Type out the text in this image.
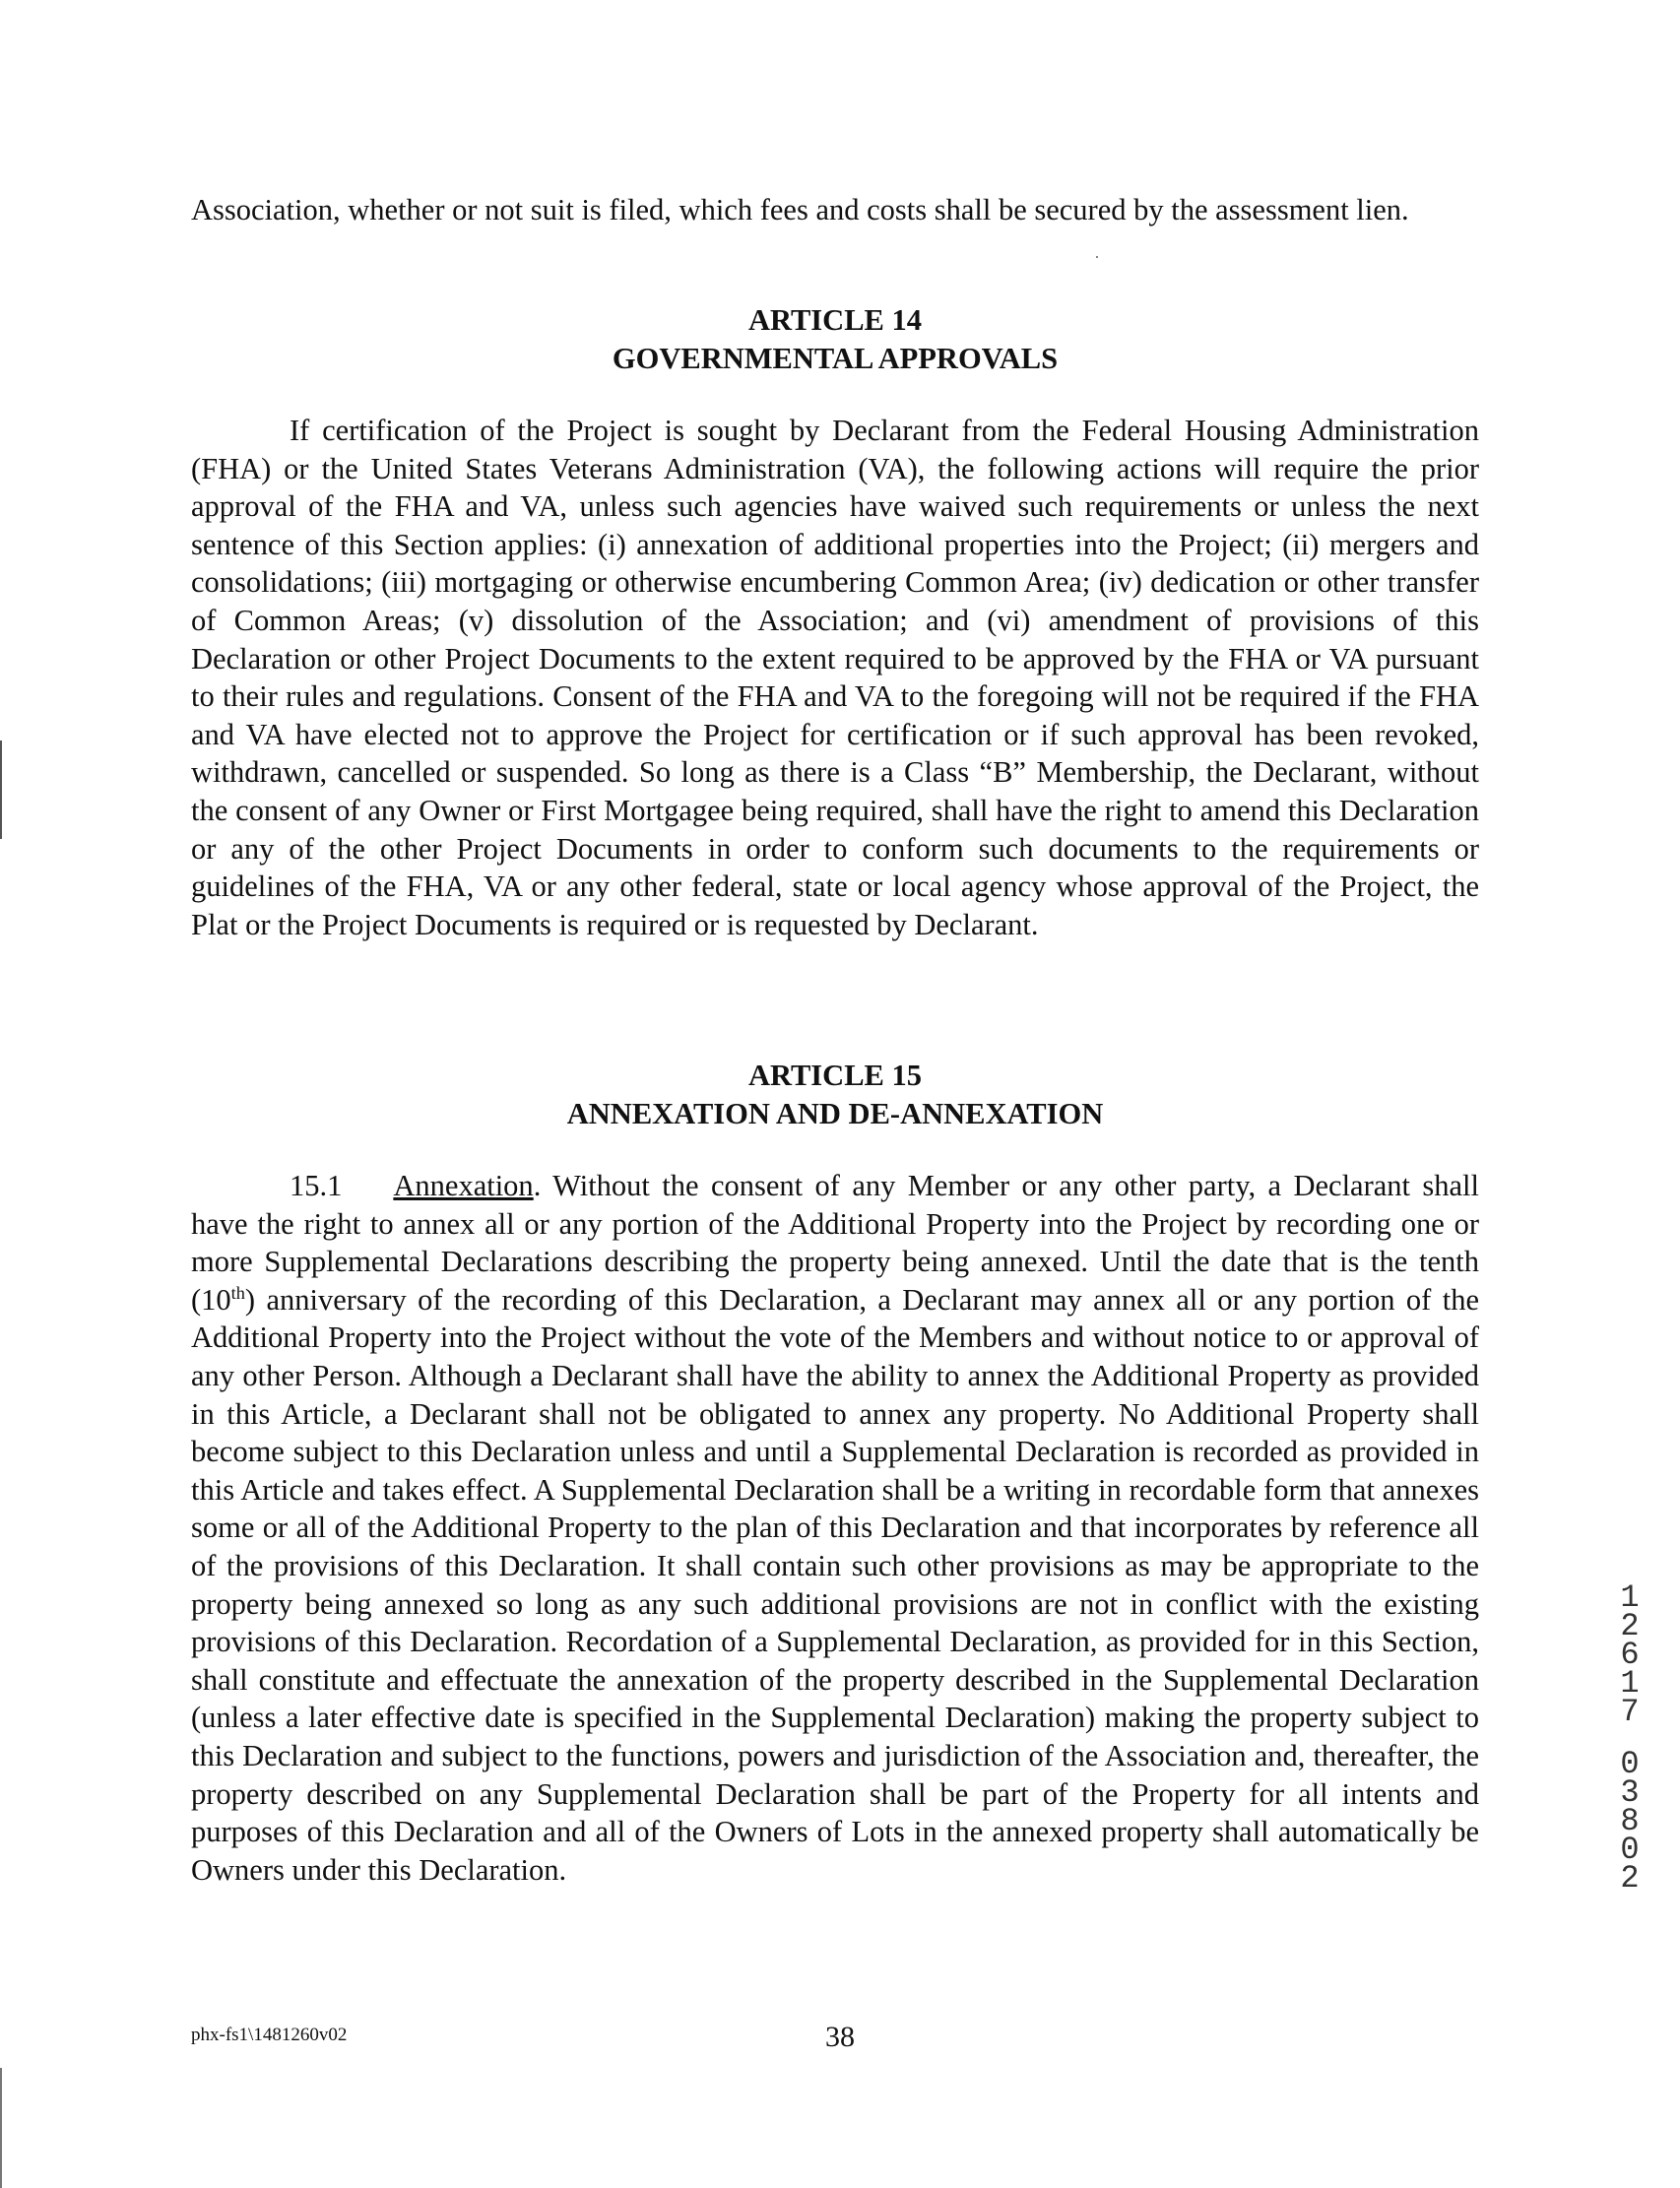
Association, whether or not suit is filed, which fees and costs shall be secured by the assessment lien.

ARTICLE 14
GOVERNMENTAL APPROVALS

If certification of the Project is sought by Declarant from the Federal Housing Administration (FHA) or the United States Veterans Administration (VA), the following actions will require the prior approval of the FHA and VA, unless such agencies have waived such requirements or unless the next sentence of this Section applies: (i) annexation of additional properties into the Project; (ii) mergers and consolidations; (iii) mortgaging or otherwise encumbering Common Area; (iv) dedication or other transfer of Common Areas; (v) dissolution of the Association; and (vi) amendment of provisions of this Declaration or other Project Documents to the extent required to be approved by the FHA or VA pursuant to their rules and regulations. Consent of the FHA and VA to the foregoing will not be required if the FHA and VA have elected not to approve the Project for certification or if such approval has been revoked, withdrawn, cancelled or suspended. So long as there is a Class “B” Membership, the Declarant, without the consent of any Owner or First Mortgagee being required, shall have the right to amend this Declaration or any of the other Project Documents in order to conform such documents to the requirements or guidelines of the FHA, VA or any other federal, state or local agency whose approval of the Project, the Plat or the Project Documents is required or is requested by Declarant.

ARTICLE 15
ANNEXATION AND DE-ANNEXATION

15.1 Annexation. Without the consent of any Member or any other party, a Declarant shall have the right to annex all or any portion of the Additional Property into the Project by recording one or more Supplemental Declarations describing the property being annexed. Until the date that is the tenth (10th) anniversary of the recording of this Declaration, a Declarant may annex all or any portion of the Additional Property into the Project without the vote of the Members and without notice to or approval of any other Person. Although a Declarant shall have the ability to annex the Additional Property as provided in this Article, a Declarant shall not be obligated to annex any property. No Additional Property shall become subject to this Declaration unless and until a Supplemental Declaration is recorded as provided in this Article and takes effect. A Supplemental Declaration shall be a writing in recordable form that annexes some or all of the Additional Property to the plan of this Declaration and that incorporates by reference all of the provisions of this Declaration. It shall contain such other provisions as may be appropriate to the property being annexed so long as any such additional provisions are not in conflict with the existing provisions of this Declaration. Recordation of a Supplemental Declaration, as provided for in this Section, shall constitute and effectuate the annexation of the property described in the Supplemental Declaration (unless a later effective date is specified in the Supplemental Declaration) making the property subject to this Declaration and subject to the functions, powers and jurisdiction of the Association and, thereafter, the property described on any Supplemental Declaration shall be part of the Property for all intents and purposes of this Declaration and all of the Owners of Lots in the annexed property shall automatically be Owners under this Declaration.

1
2
6
1
7
0
3
8
0
2
phx-fs1\1481260v02	38
